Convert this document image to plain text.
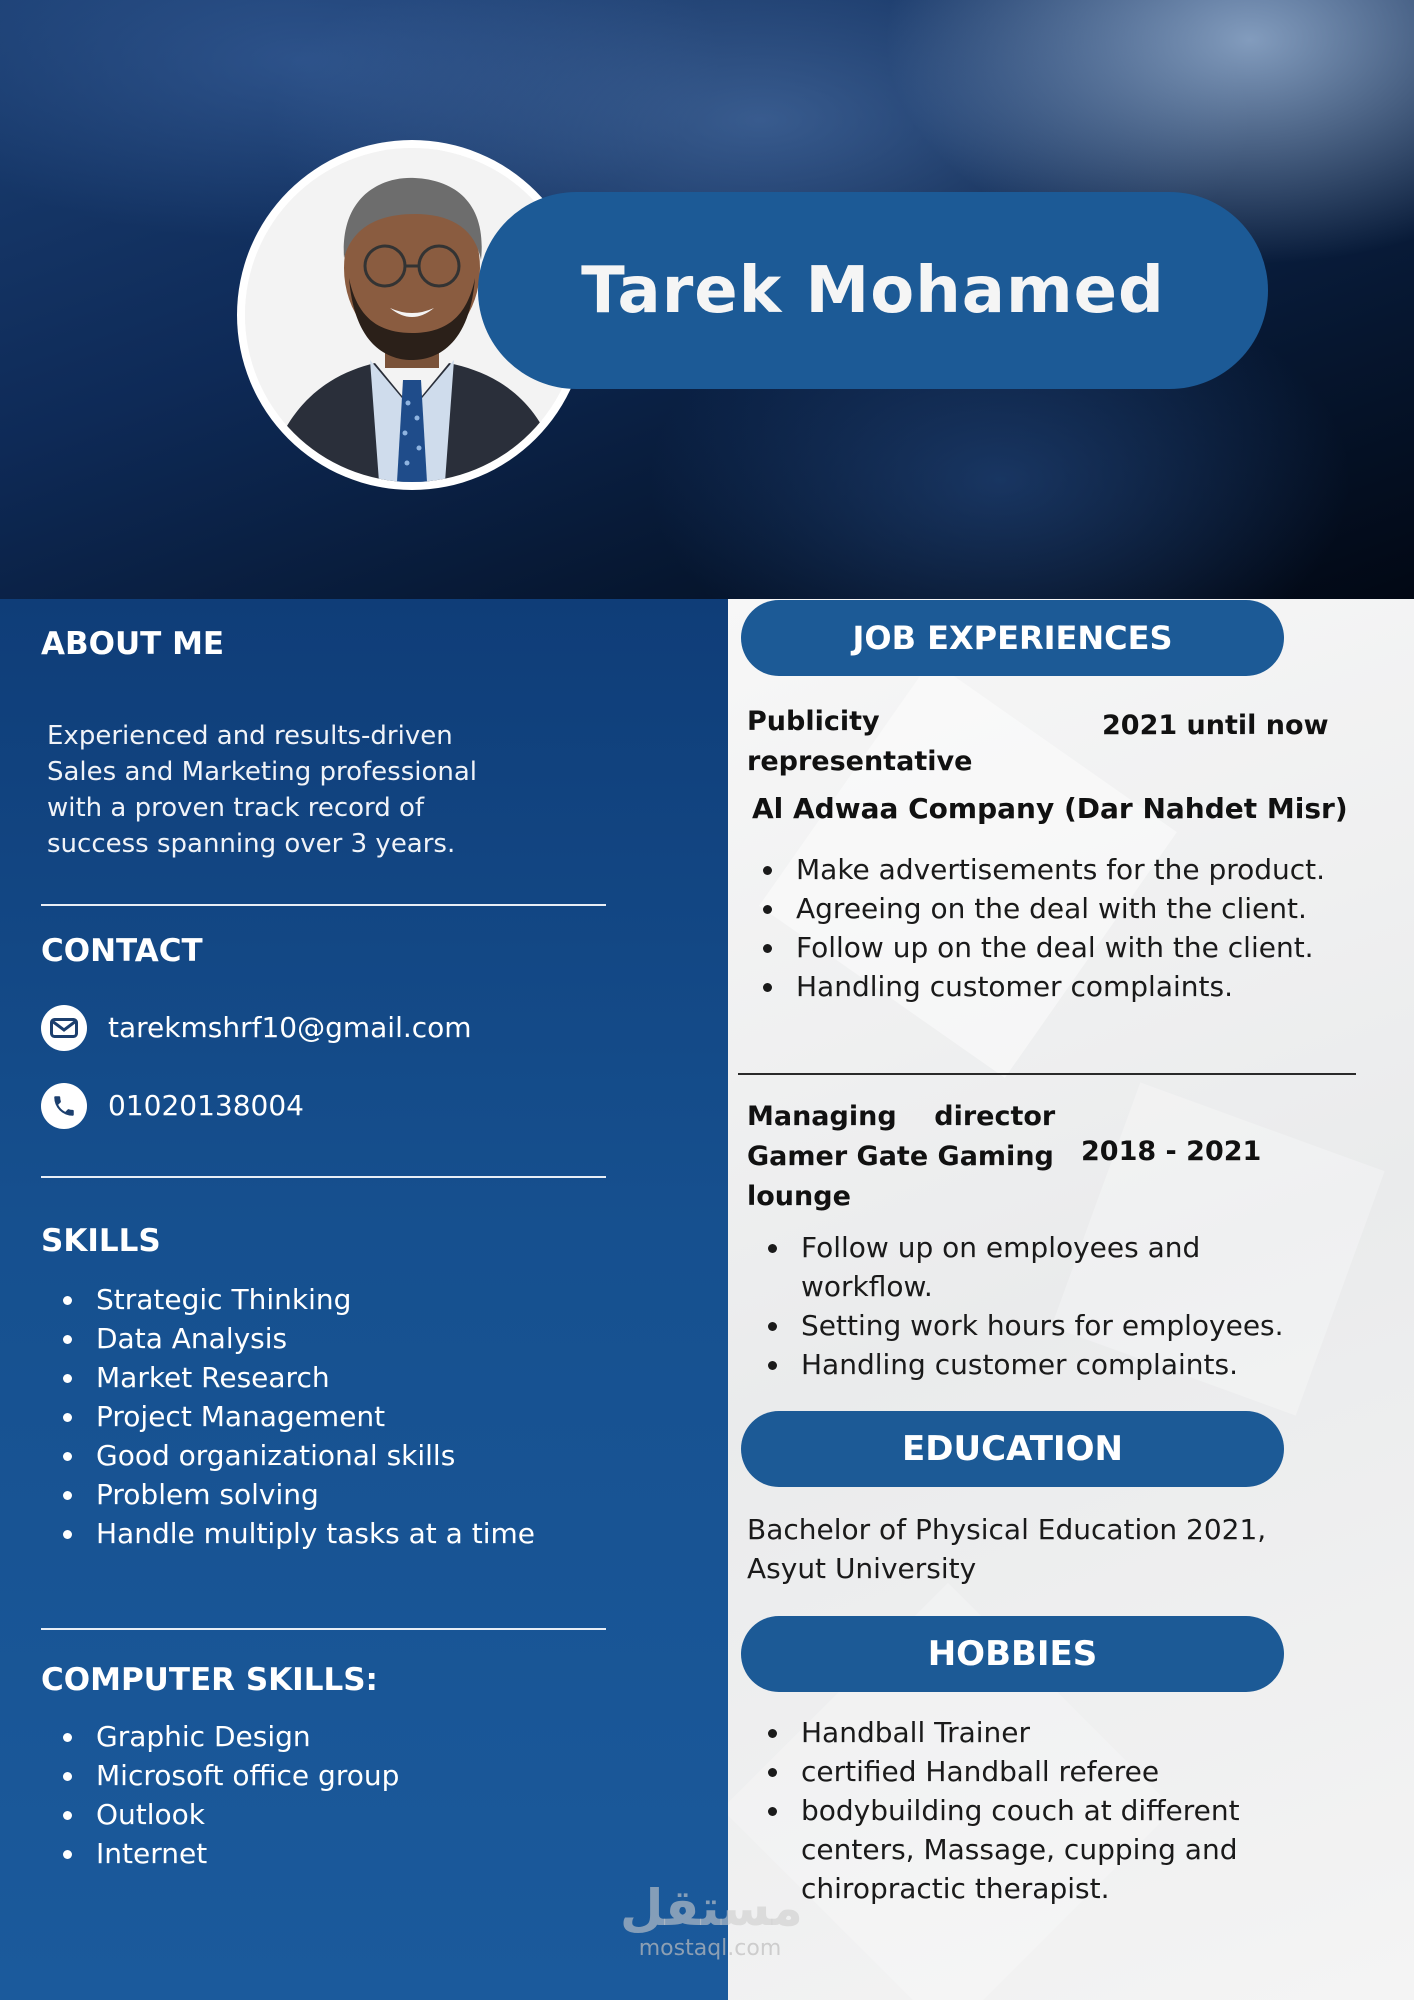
Tarek Mohamed
ABOUT ME
Experienced and results-driven Sales and Marketing professional with a proven track record of success spanning over 3 years.
CONTACT
tarekmshrf10@gmail.com
01020138004
SKILLS
Strategic Thinking
Data Analysis
Market Research
Project Management
Good organizational skills
Problem solving
Handle multiply tasks at a time
COMPUTER SKILLS:
Graphic Design
Microsoft office group
Outlook
Internet
JOB EXPERIENCES
Publicity
representative
2021 until now
Al Adwaa Company (Dar Nahdet Misr)
Make advertisements for the product.
Agreeing on the deal with the client.
Follow up on the deal with the client.
Handling customer complaints.
Managing    director
Gamer Gate Gaming
lounge
2018 - 2021
Follow up on employees and workflow.
Setting work hours for employees.
Handling customer complaints.
EDUCATION
Bachelor of Physical Education 2021, Asyut University
HOBBIES
Handball Trainer
certified Handball referee
bodybuilding couch at different centers, Massage, cupping and chiropractic therapist.
مستقل
mostaql.com
